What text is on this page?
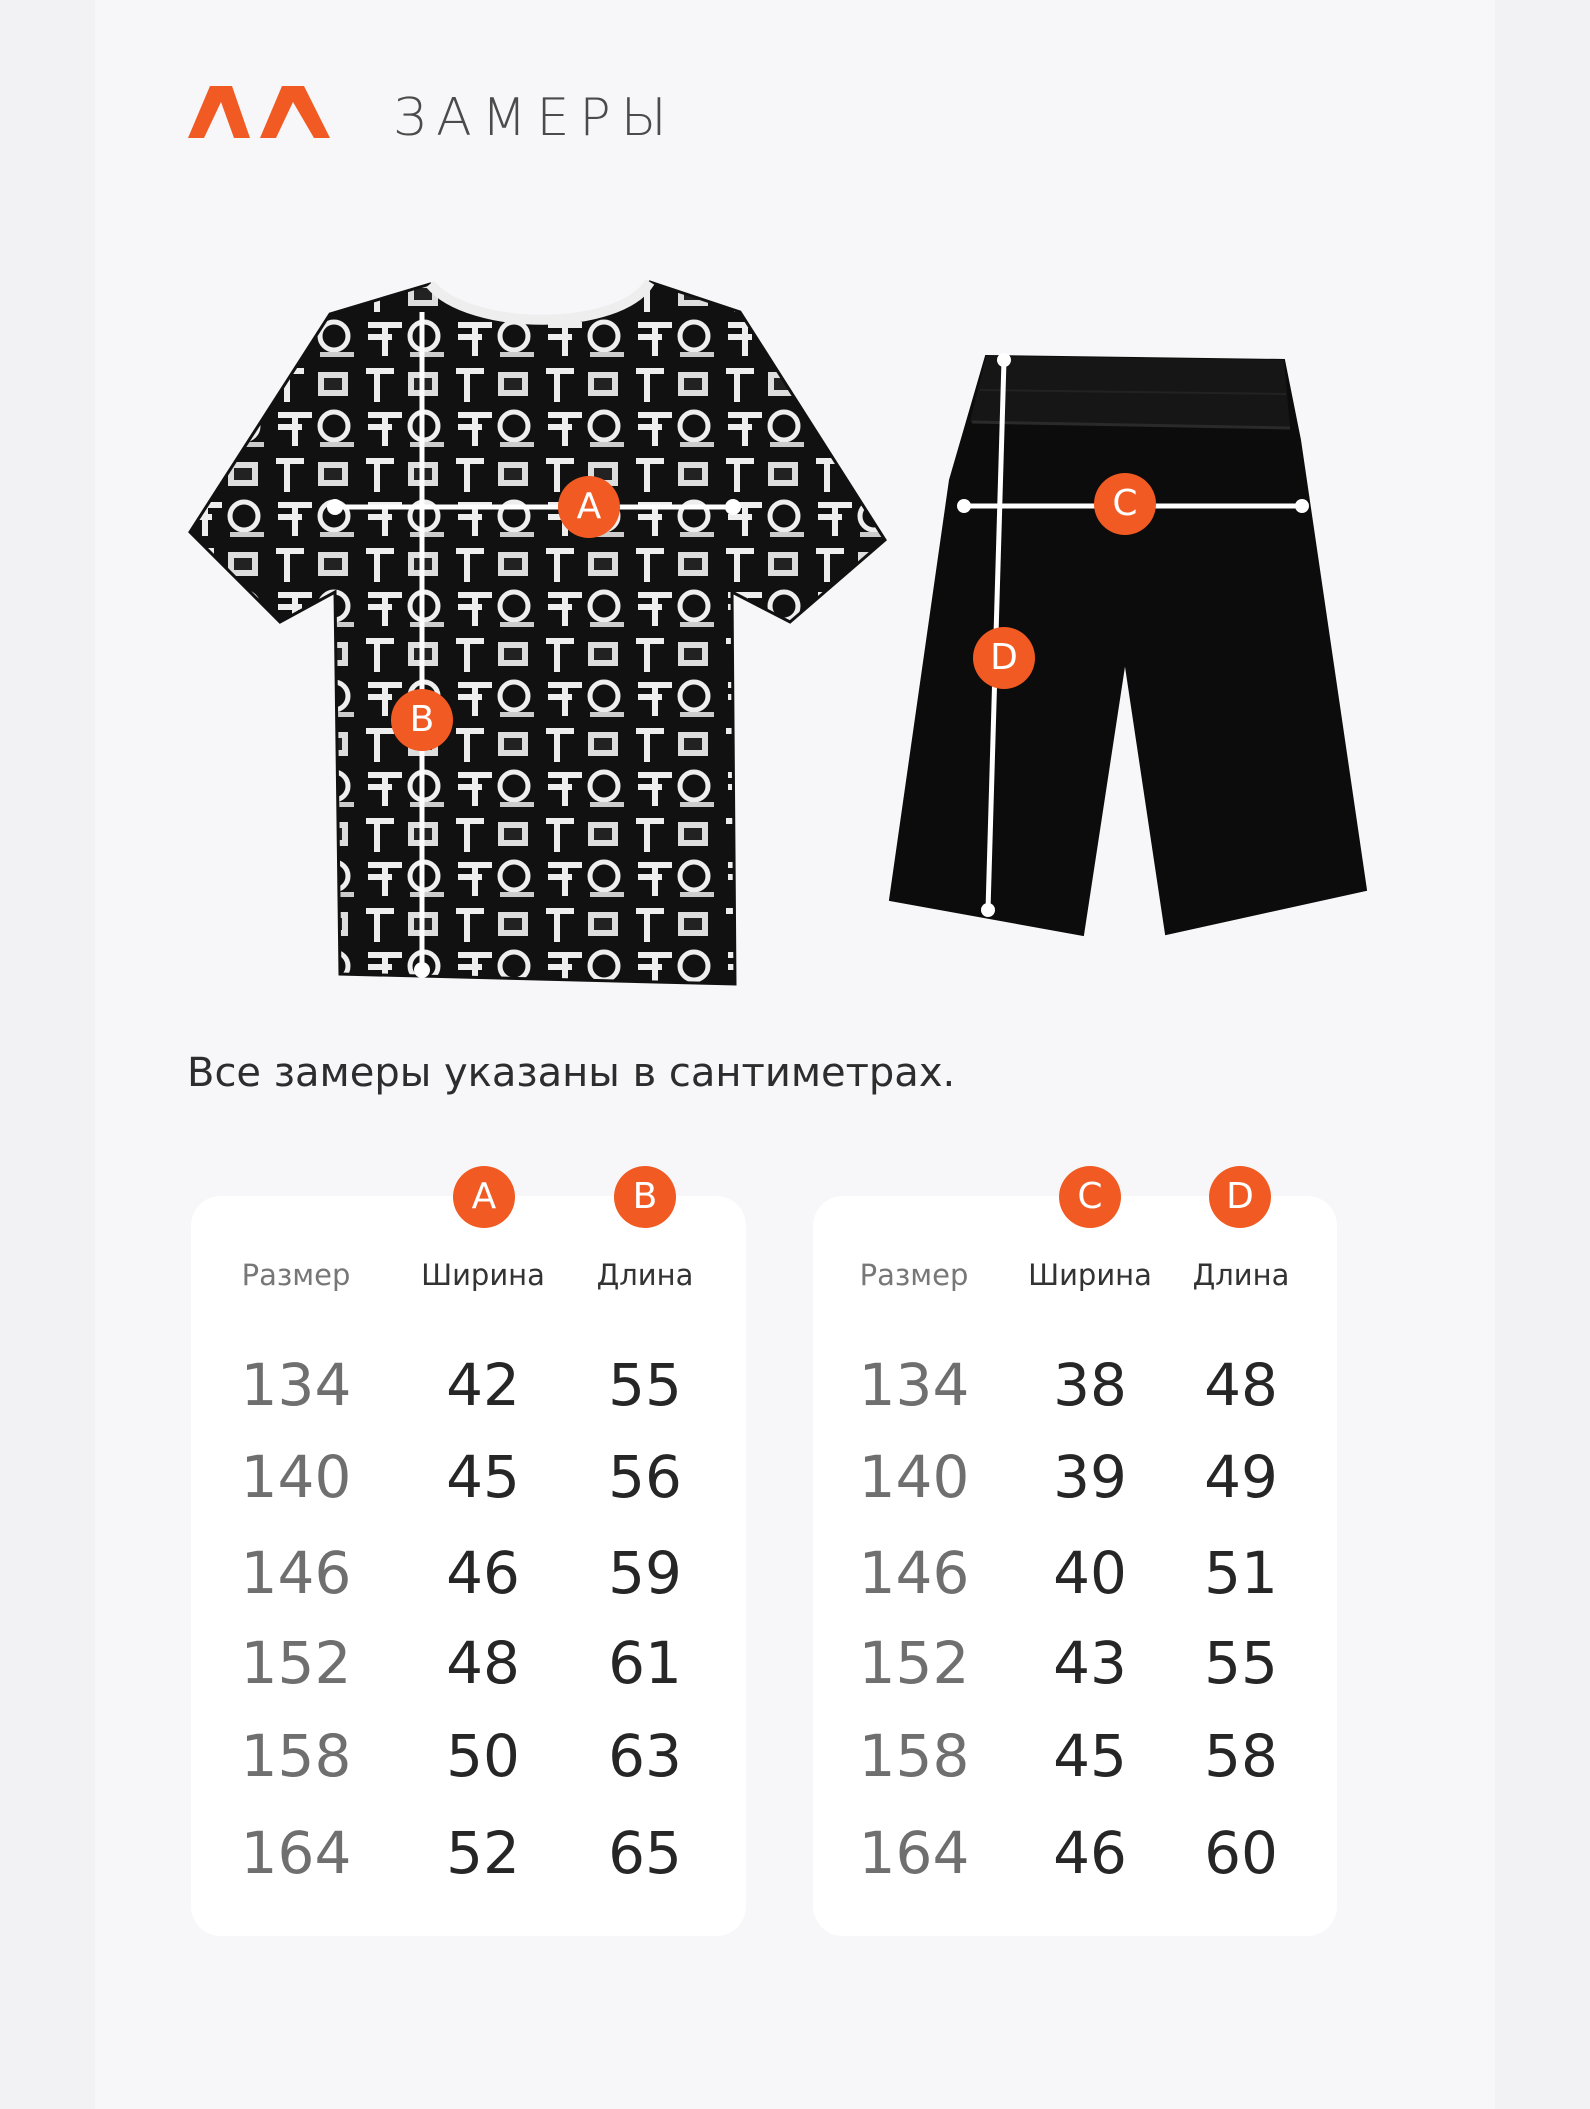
ЗАМЕРЫ
A
B
C
D
Все замеры указаны в сантиметрах.
A	B
Размер	Ширина	Длина
134	42	55
140	45	56
146	46	59
152	48	61
158	50	63
164	52	65
C	D
Размер	Ширина	Длина
134	38	48
140	39	49
146	40	51
152	43	55
158	45	58
164	46	60
